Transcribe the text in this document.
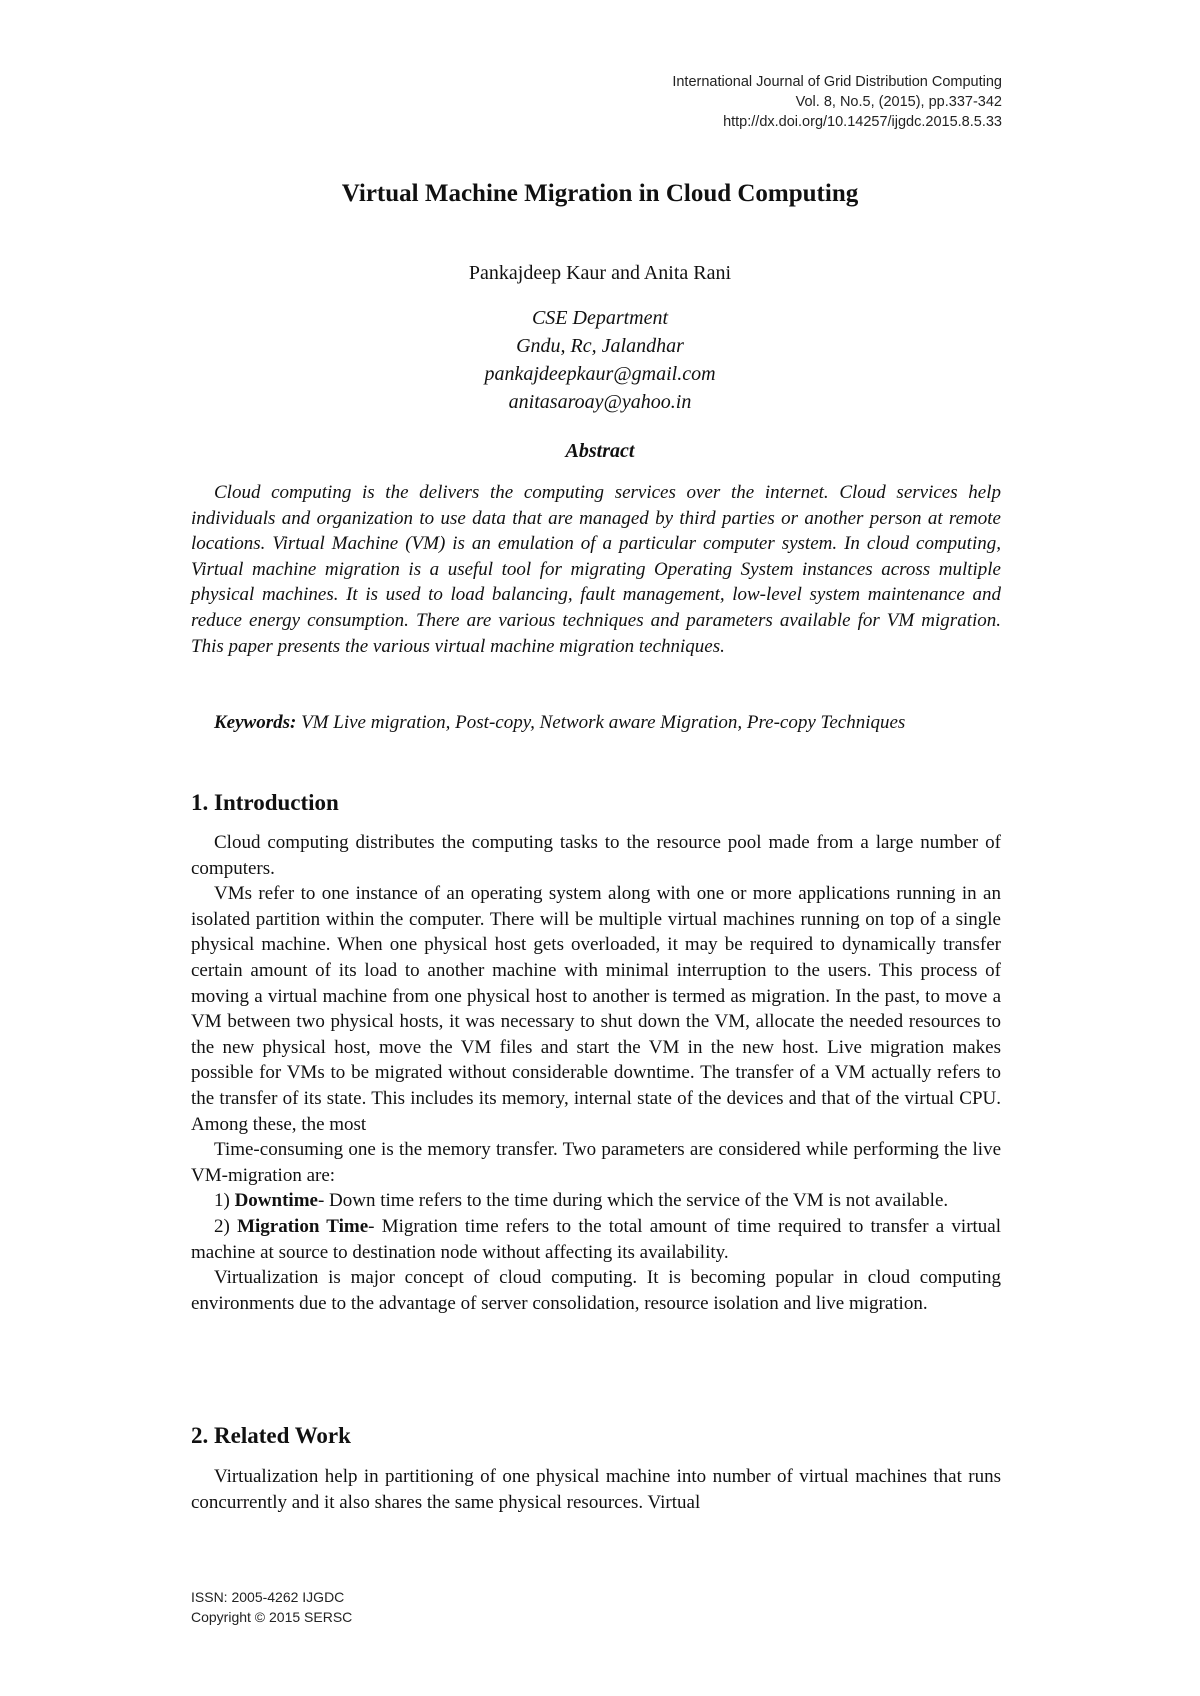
International Journal of Grid Distribution Computing
Vol. 8, No.5, (2015), pp.337-342
http://dx.doi.org/10.14257/ijgdc.2015.8.5.33
Virtual Machine Migration in Cloud Computing
Pankajdeep Kaur and Anita Rani
CSE Department
Gndu, Rc, Jalandhar
pankajdeepkaur@gmail.com
anitasaroay@yahoo.in
Abstract

Cloud computing is the delivers the computing services over the internet. Cloud services help individuals and organization to use data that are managed by third parties or another person at remote locations. Virtual Machine (VM) is an emulation of a particular computer system. In cloud computing, Virtual machine migration is a useful tool for migrating Operating System instances across multiple physical machines. It is used to load balancing, fault management, low-level system maintenance and reduce energy consumption. There are various techniques and parameters available for VM migration. This paper presents the various virtual machine migration techniques.

Keywords: VM Live migration, Post-copy, Network aware Migration, Pre-copy Techniques

1. Introduction

Cloud computing distributes the computing tasks to the resource pool made from a large number of computers.

VMs refer to one instance of an operating system along with one or more applications running in an isolated partition within the computer. There will be multiple virtual machines running on top of a single physical machine. When one physical host gets overloaded, it may be required to dynamically transfer certain amount of its load to another machine with minimal interruption to the users. This process of moving a virtual machine from one physical host to another is termed as migration. In the past, to move a VM between two physical hosts, it was necessary to shut down the VM, allocate the needed resources to the new physical host, move the VM files and start the VM in the new host. Live migration makes possible for VMs to be migrated without considerable downtime. The transfer of a VM actually refers to the transfer of its state. This includes its memory, internal state of the devices and that of the virtual CPU. Among these, the most

Time-consuming one is the memory transfer. Two parameters are considered while performing the live VM-migration are:

1) Downtime- Down time refers to the time during which the service of the VM is not available.

2) Migration Time- Migration time refers to the total amount of time required to transfer a virtual machine at source to destination node without affecting its availability.

Virtualization is major concept of cloud computing. It is becoming popular in cloud computing environments due to the advantage of server consolidation, resource isolation and live migration.

2. Related Work

Virtualization help in partitioning of one physical machine into number of virtual machines that runs concurrently and it also shares the same physical resources. Virtual

ISSN: 2005-4262 IJGDC
Copyright © 2015 SERSC
